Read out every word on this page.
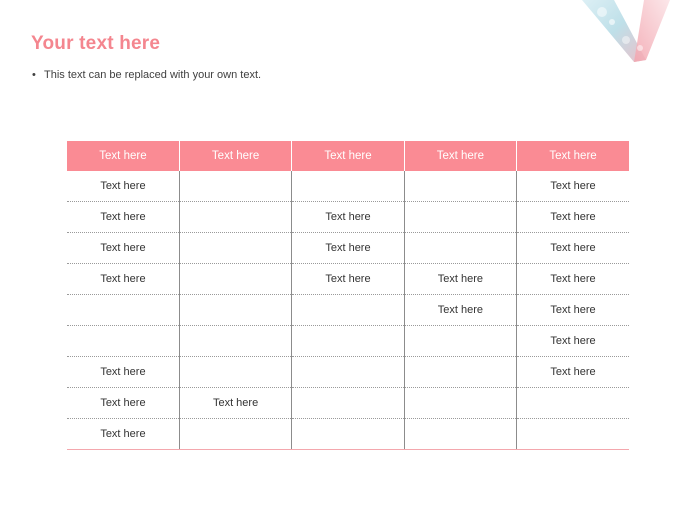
Your text here
• This text can be replaced with your own text.
Text here	Text here	Text here	Text here	Text here
Text here				Text here
Text here		Text here		Text here
Text here		Text here		Text here
Text here		Text here	Text here	Text here
			Text here	Text here
				Text here
Text here				Text here
Text here	Text here			
Text here				
